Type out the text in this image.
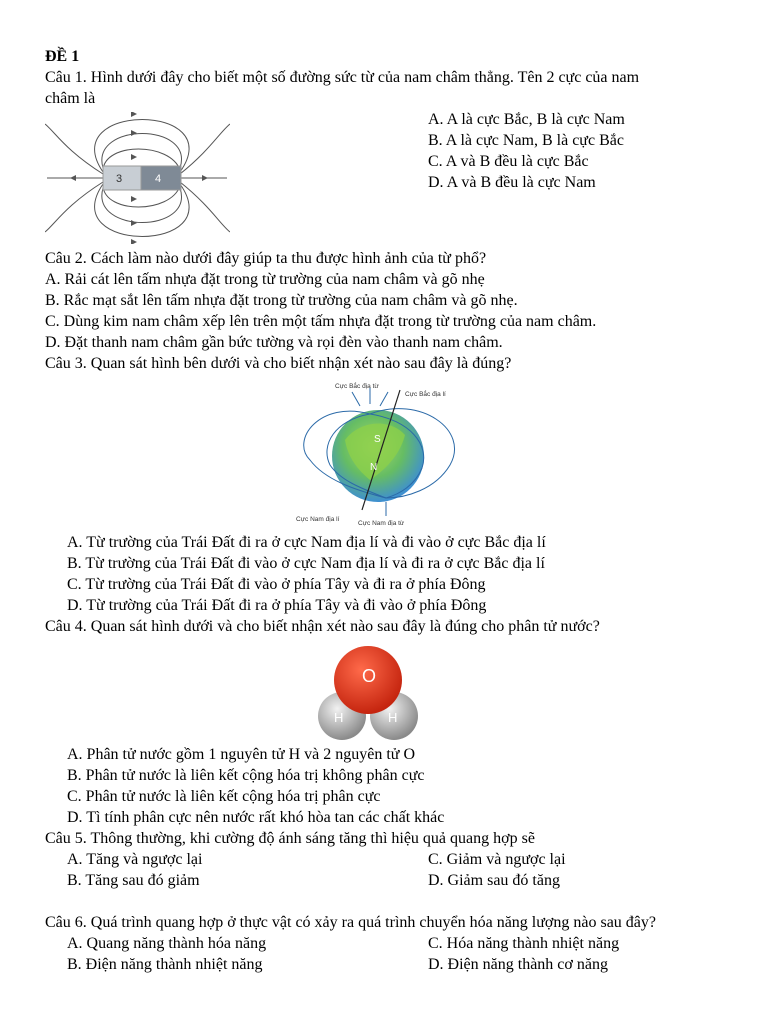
ĐỀ 1
Câu 1. Hình dưới đây cho biết một số đường sức từ của nam châm thẳng. Tên 2 cực của nam
châm là
3	4
A. A là cực Bắc, B là cực Nam
B. A là cực Nam, B là cực Bắc
C. A và B đều là cực Bắc
D. A và B đều là cực Nam
Câu 2. Cách làm nào dưới đây giúp ta thu được hình ảnh của từ phổ?
A. Rải cát lên tấm nhựa đặt trong từ trường của nam châm và gõ nhẹ
B. Rắc mạt sắt lên tấm nhựa đặt trong từ trường của nam châm và gõ nhẹ.
C. Dùng kim nam châm xếp lên trên một tấm nhựa đặt trong từ trường của nam châm.
D. Đặt thanh nam châm gần bức tường và rọi đèn vào thanh nam châm.
Câu 3. Quan sát hình bên dưới và cho biết nhận xét nào sau đây là đúng?
S
N
Cực Bắc địa từ
Cực Bắc địa lí
Cực Nam địa lí
Cực Nam địa từ
A. Từ trường của Trái Đất đi ra ở cực Nam địa lí và đi vào ở cực Bắc địa lí
B. Từ trường của Trái Đất đi vào ở cực Nam địa lí và đi ra ở cực Bắc địa lí
C. Từ trường của Trái Đất đi vào ở phía Tây và đi ra ở phía Đông
D. Từ trường của Trái Đất đi ra ở phía Tây và đi vào ở phía Đông
Câu 4. Quan sát hình dưới và cho biết nhận xét nào sau đây là đúng cho phân tử nước?
O
H	H
A. Phân tử nước gồm 1 nguyên tử H và 2 nguyên tử O
B. Phân tử nước là liên kết cộng hóa trị không phân cực
C. Phân tử nước là liên kết cộng hóa trị phân cực
D. Tì tính phân cực nên nước rất khó hòa tan các chất khác
Câu 5. Thông thường, khi cường độ ánh sáng tăng thì hiệu quả quang hợp sẽ
A. Tăng và ngược lại	C. Giảm và ngược lại
B. Tăng sau đó giảm	D. Giảm sau đó tăng
Câu 6. Quá trình quang hợp ở thực vật có xảy ra quá trình chuyển hóa năng lượng nào sau đây?
A. Quang năng thành hóa năng	C. Hóa năng thành nhiệt năng
B. Điện năng thành nhiệt năng	D. Điện năng thành cơ năng
